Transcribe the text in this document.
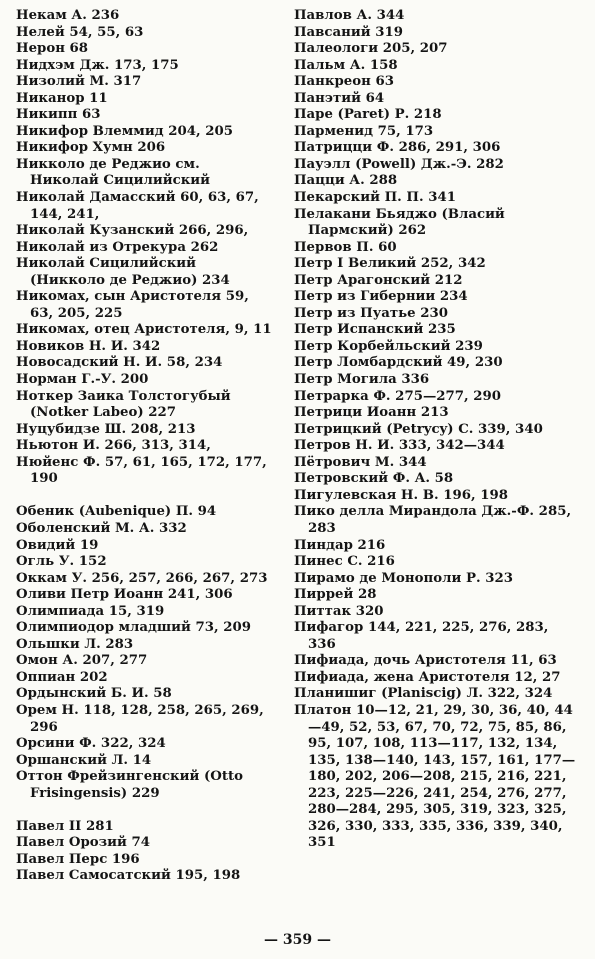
Некам А. 236
Нелей 54, 55, 63
Нерон 68
Нидхэм Дж. 173, 175
Низолий М. 317
Никанор 11
Никипп 63
Никифор Влеммид 204, 205
Никифор Хумн 206
Никколо де Реджио см. Николай Сицилийский
Николай Дамасский 60, 63, 67, 144, 241,
Николай Кузанский 266, 296,
Николай из Отрекура 262
Николай Сицилийский (Никколо де Реджио) 234
Никомах, сын Аристотеля 59, 63, 205, 225
Никомах, отец Аристотеля, 9, 11
Новиков Н. И. 342
Новосадский Н. И. 58, 234
Норман Г.-У. 200
Ноткер Заика Толстогубый (Notker Labeo) 227
Нуцубидзе Ш. 208, 213
Ньютон И. 266, 313, 314,
Нюйенс Ф. 57, 61, 165, 172, 177, 190
Обеник (Aubenique) П. 94
Оболенский М. А. 332
Овидий 19
Огль У. 152
Оккам У. 256, 257, 266, 267, 273
Оливи Петр Иоанн 241, 306
Олимпиада 15, 319
Олимпиодор младший 73, 209
Ольшки Л. 283
Омон А. 207, 277
Оппиан 202
Ордынский Б. И. 58
Орем Н. 118, 128, 258, 265, 269, 296
Орсини Ф. 322, 324
Оршанский Л. 14
Оттон Фрейзингенский (Otto Frisingensis) 229
Павел II 281
Павел Орозий 74
Павел Перс 196
Павел Самосатский 195, 198
Павлов А. 344
Павсаний 319
Палеологи 205, 207
Пальм А. 158
Панкреон 63
Панэтий 64
Паре (Paret) Р. 218
Парменид 75, 173
Патрицци Ф. 286, 291, 306
Пауэлл (Powell) Дж.-Э. 282
Пацци А. 288
Пекарский П. П. 341
Пелакани Бьяджо (Власий Пармский) 262
Первов П. 60
Петр I Великий 252, 342
Петр Арагонский 212
Петр из Гибернии 234
Петр из Пуатье 230
Петр Испанский 235
Петр Корбейльский 239
Петр Ломбардский 49, 230
Петр Могила 336
Петрарка Ф. 275—277, 290
Петрици Иоанн 213
Петрицкий (Petrycy) С. 339, 340
Петров Н. И. 333, 342—344
Пётрович М. 344
Петровский Ф. А. 58
Пигулевская Н. В. 196, 198
Пико делла Мирандола Дж.-Ф. 285, 283
Пиндар 216
Пинес С. 216
Пирамо де Монополи Р. 323
Пиррей 28
Питтак 320
Пифагор 144, 221, 225, 276, 283, 336
Пифиада, дочь Аристотеля 11, 63
Пифиада, жена Аристотеля 12, 27
Планишиг (Planiscig) Л. 322, 324
Платон 10—12, 21, 29, 30, 36, 40, 44—49, 52, 53, 67, 70, 72, 75, 85, 86, 95, 107, 108, 113—117, 132, 134, 135, 138—140, 143, 157, 161, 177—180, 202, 206—208, 215, 216, 221, 223, 225—226, 241, 254, 276, 277, 280—284, 295, 305, 319, 323, 325, 326, 330, 333, 335, 336, 339, 340, 351
— 359 —
